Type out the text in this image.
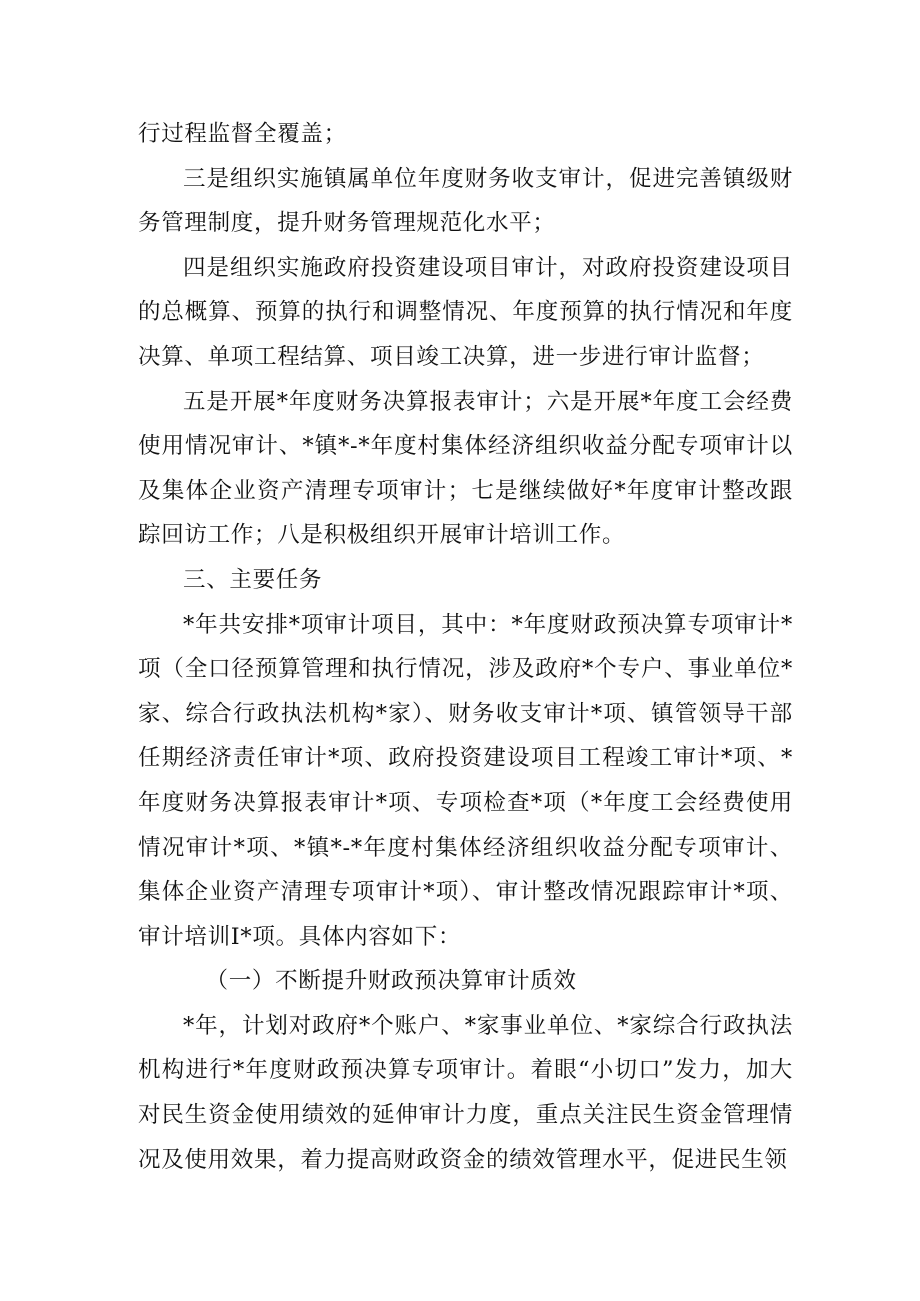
行过程监督全覆盖；

三是组织实施镇属单位年度财务收支审计，促进完善镇级财务管理制度，提升财务管理规范化水平；

四是组织实施政府投资建设项目审计，对政府投资建设项目的总概算、预算的执行和调整情况、年度预算的执行情况和年度决算、单项工程结算、项目竣工决算，进一步进行审计监督；

五是开展*年度财务决算报表审计；六是开展*年度工会经费使用情况审计、*镇*-*年度村集体经济组织收益分配专项审计以及集体企业资产清理专项审计；七是继续做好*年度审计整改跟踪回访工作；八是积极组织开展审计培训工作。

三、主要任务

*年共安排*项审计项目，其中：*年度财政预决算专项审计*项（全口径预算管理和执行情况，涉及政府*个专户、事业单位*家、综合行政执法机构*家）、财务收支审计*项、镇管领导干部任期经济责任审计*项、政府投资建设项目工程竣工审计*项、*年度财务决算报表审计*项、专项检查*项（*年度工会经费使用情况审计*项、*镇*-*年度村集体经济组织收益分配专项审计、集体企业资产清理专项审计*项）、审计整改情况跟踪审计*项、审计培训I*项。具体内容如下：

（一）不断提升财政预决算审计质效

*年，计划对政府*个账户、*家事业单位、*家综合行政执法机构进行*年度财政预决算专项审计。着眼“小切口”发力，加大对民生资金使用绩效的延伸审计力度，重点关注民生资金管理情况及使用效果，着力提高财政资金的绩效管理水平，促进民生领
